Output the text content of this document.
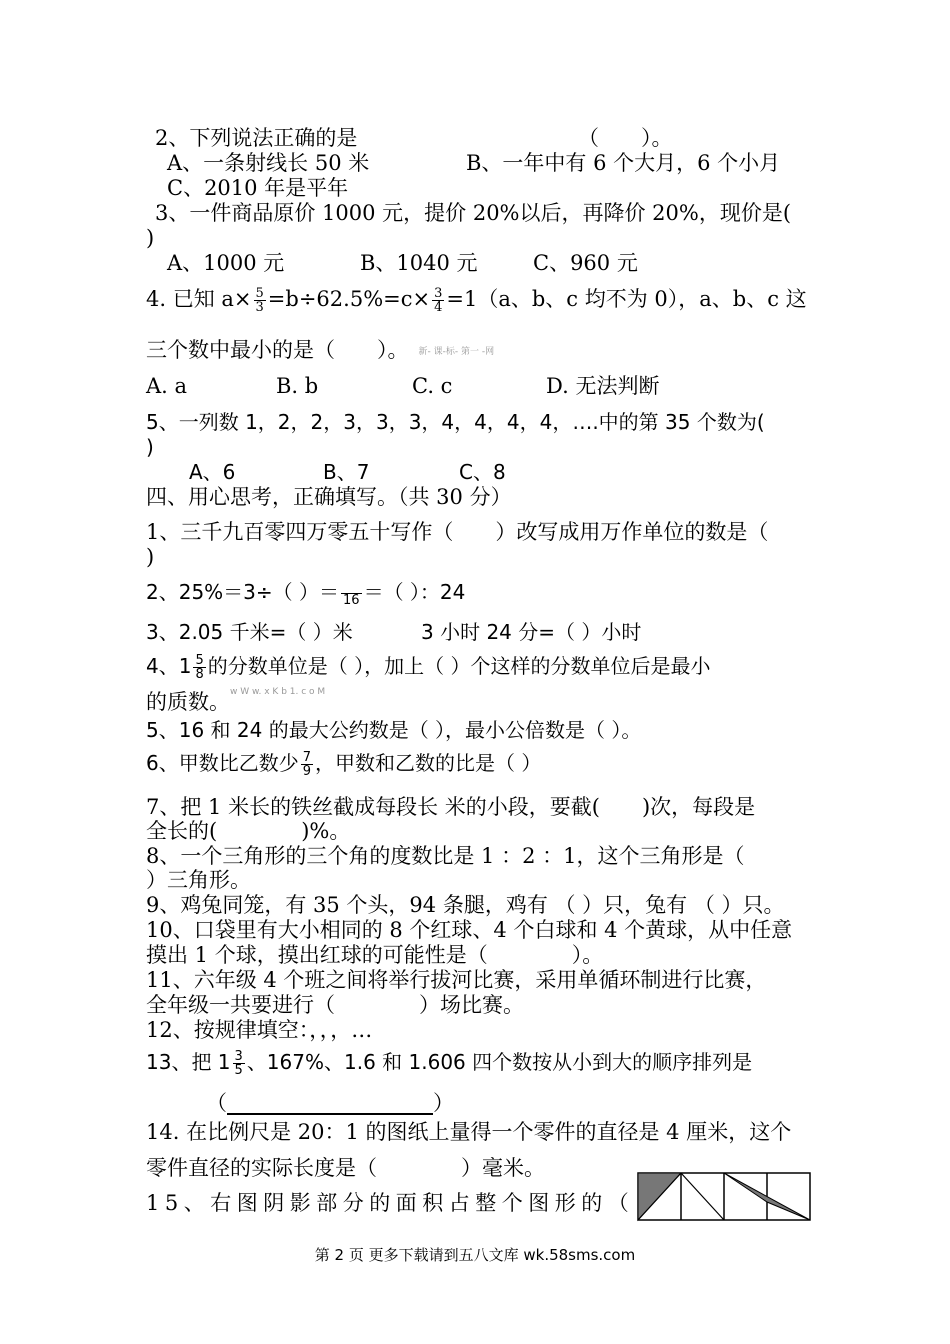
2、下列说法正确的是	（　　）。
A、一条射线长 50 米	B、一年中有 6 个大月，6 个小月
C、2010 年是平年
3、一件商品原价 1000 元，提价 20%以后，再降价 20%，现价是(
)
A、1000 元	B、1040 元	C、960 元
4. 已知 $a\times \frac{5}{3} =b\div 62.5\%=c\times \frac{3}{4} =1(a$、b、c 均不为 0），a、b、c 这
三个数中最小的是（　　）。 新- 课-标- 第一 -网
A. a	B. b	C. c	D. 无法判断
5、一列数 1，2，2，3，3，3，4，4，4，4，….中的第 35 个数为(
)
A、6	B、7	C、8
四、用心思考，正确填写。（共 30 分）
1、三千九百零四万零五十写作（　　）改写成用万作单位的数是（
)
2、25%＝3÷（ ）＝ 16 ＝（ ）：24
3、2.05 千米=（ ）米	3 小时 24 分=（ ）小时
4、$1 \frac{5}{8}$ 的分数单位是（ ），加上（ ）个这样的分数单位后是最小
的质数。$^{w W w. x K b 1. c o M}$
5、16 和 24 的最大公约数是（ ），最小公倍数是（ ）。
6、甲数比乙数少 $\frac{7}{9}$ ，甲数和乙数的比是（ ）
7、把 1 米长的铁丝截成每段长 米的小段，要截(　　)次，每段是
全长的(　　　　)%。
8、一个三角形的三个角的度数比是 1 ：2 ：1，这个三角形是（
）三角形。
9、鸡兔同笼，有 35 个头，94 条腿，鸡有 （ ）只，兔有 （ ）只。
10、口袋里有大小相同的 8 个红球、4 个白球和 4 个黄球，从中任意
摸出 1 个球，摸出红球的可能性是（　　　　）。
11、六年级 4 个班之间将举行拔河比赛，采用单循环制进行比赛，
全年级一共要进行（　　　　）场比赛。
12、按规律填空：，，，…
13、把 $1 \frac{3}{5}$ 、167%、1.6 和 1.606 四个数按从小到大的顺序排列是
（	）
14. 在比例尺是 20：1 的图纸上量得一个零件的直径是 4 厘米，这个
零件直径的实际长度是（　　　　）毫米。
15、右图阴影部分的面积占整个图形的（
第 2 页 更多下载请到五八文库 wk.58sms.com
